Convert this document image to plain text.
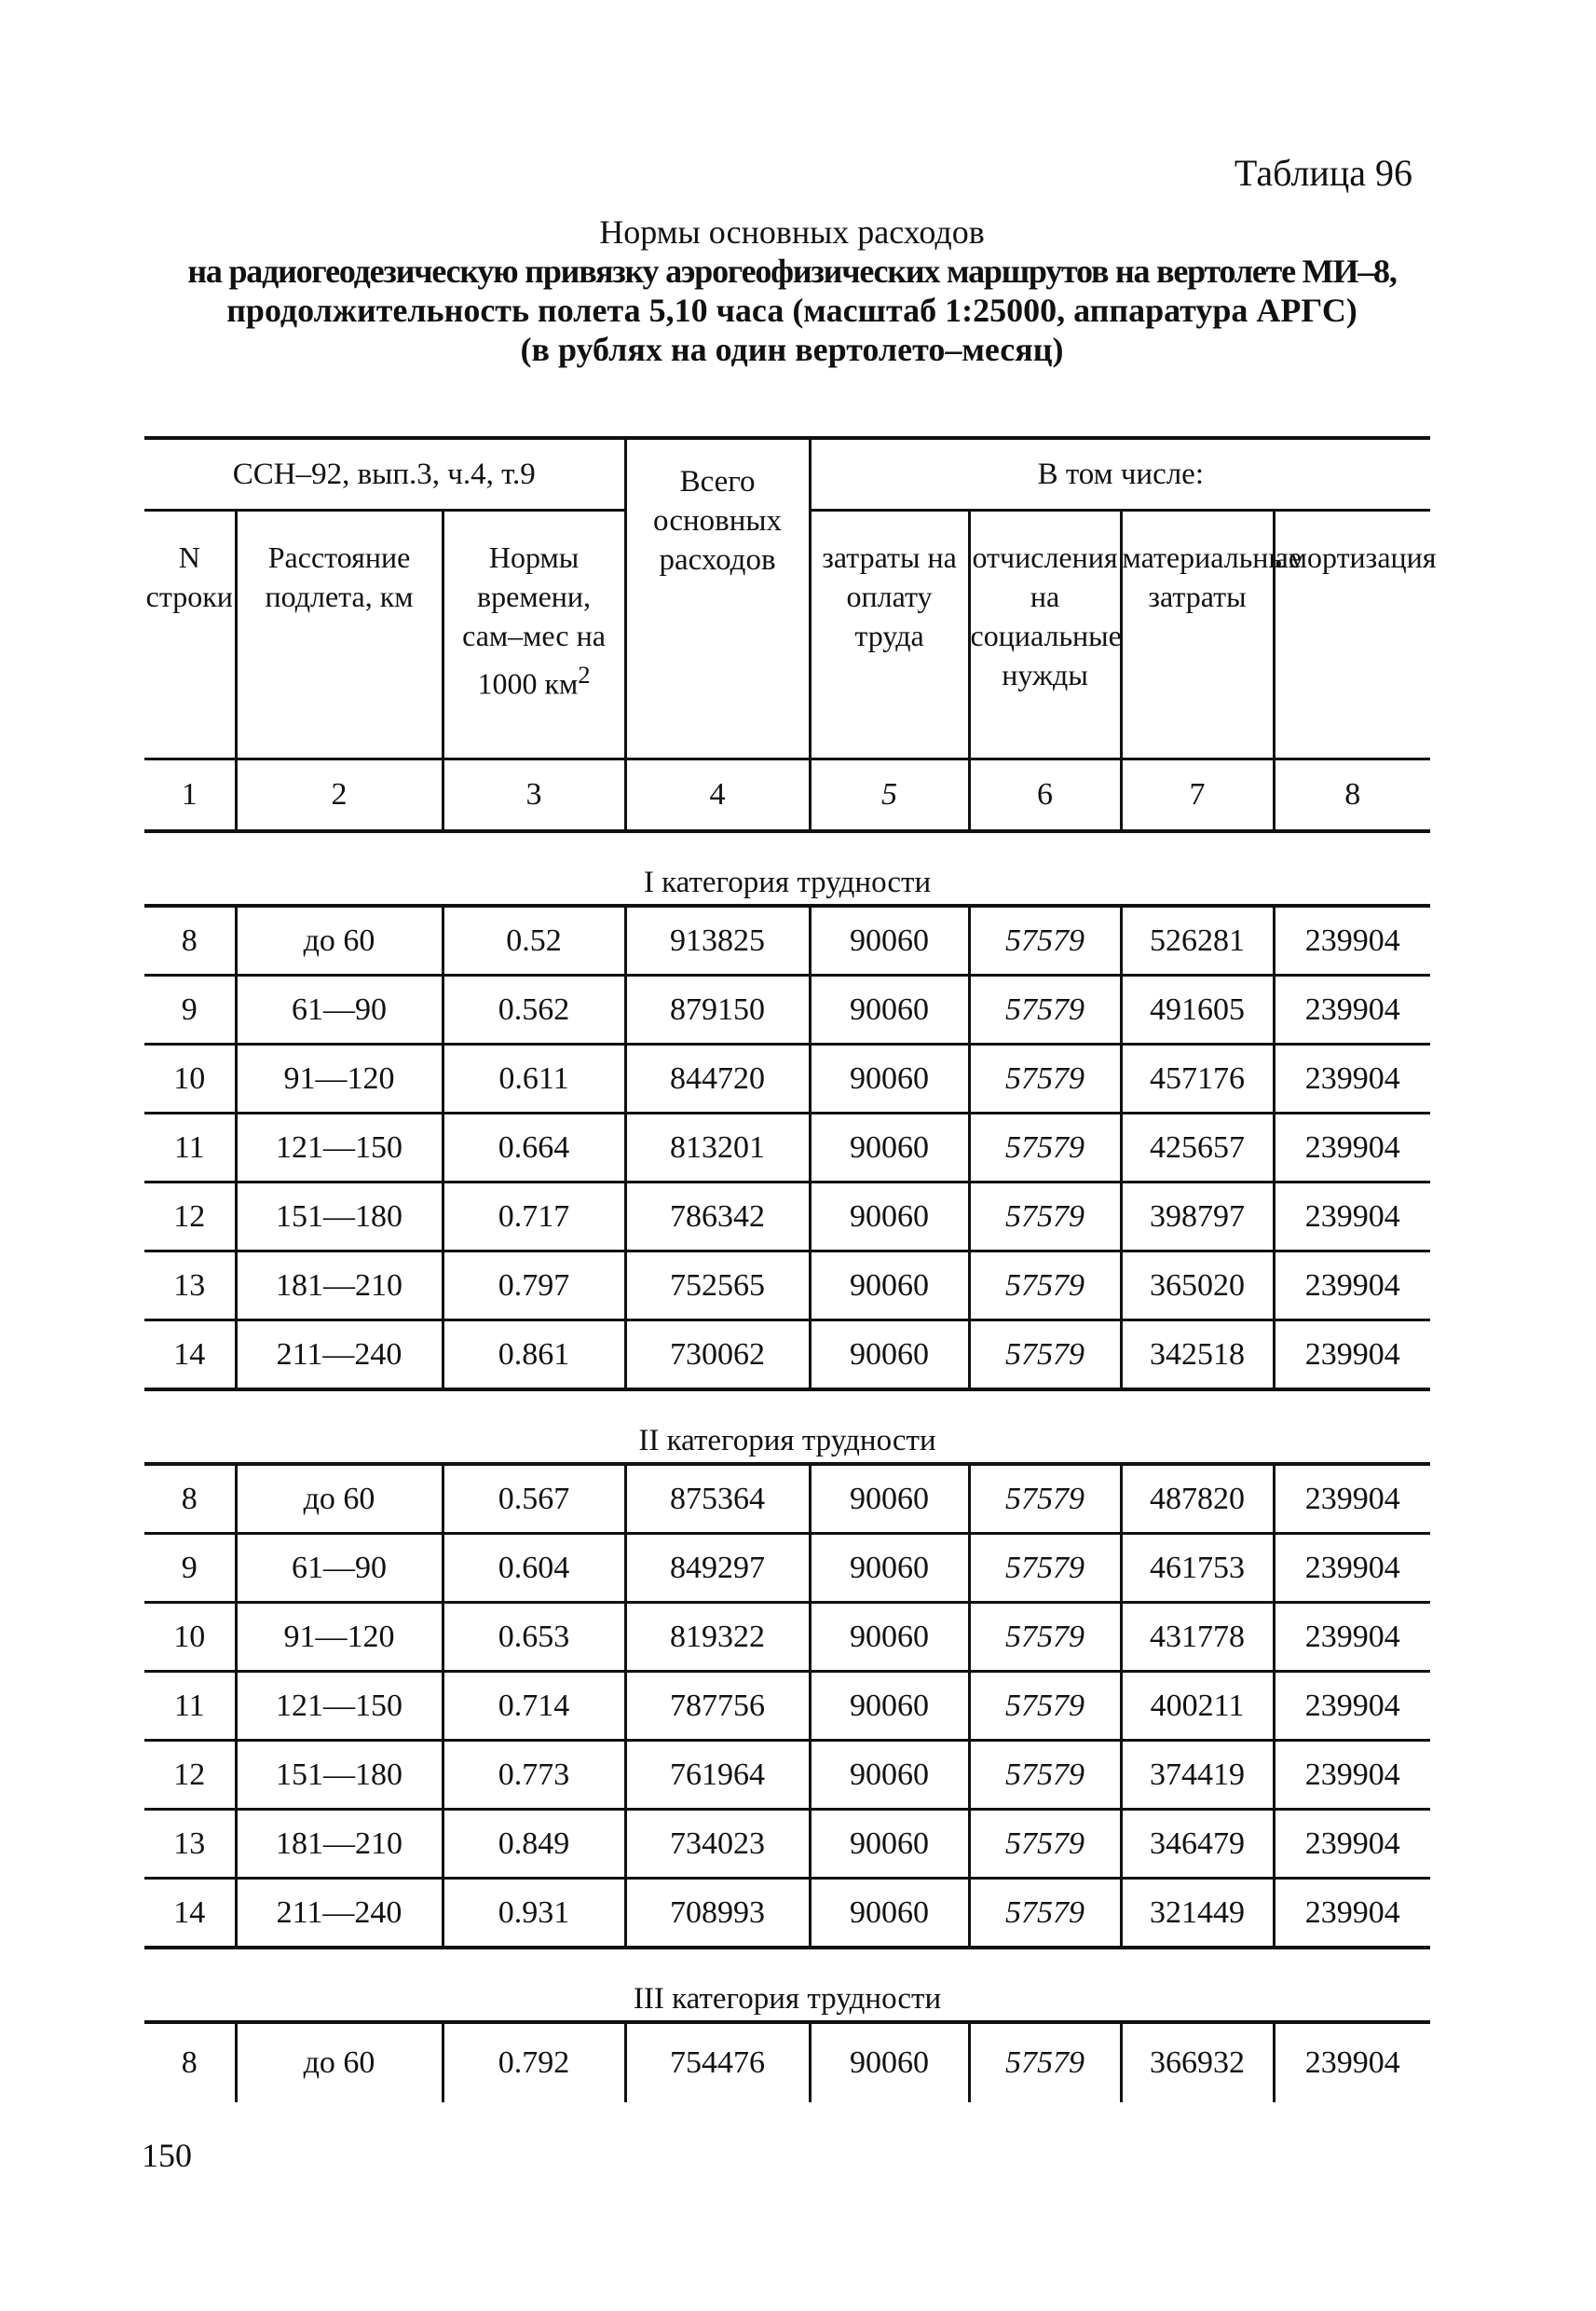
Таблица 96
Нормы основных расходов
на радиогеодезическую привязку аэрогеофизических маршрутов на вертолете МИ–8,
продолжительность полета 5,10 часа (масштаб 1:25000, аппаратура АРГС)
(в рублях на один вертолето–месяц)
ССН–92, вып.3, ч.4, т.9			Всего основных расходов	В том числе:			
N строки	Расстояние подлета, км	Нормы времени, сам–мес на 1000 $км^2$		затраты на оплату труда	отчисления на социальные нужды	материальные затраты	амортизация
1	2	3	4	5	6	7	8
I категория трудности							
8	до 60	0.52	913825	90060	57579	526281	239904
9	61—90	0.562	879150	90060	57579	491605	239904
10	91—120	0.611	844720	90060	57579	457176	239904
11	121—150	0.664	813201	90060	57579	425657	239904
12	151—180	0.717	786342	90060	57579	398797	239904
13	181—210	0.797	752565	90060	57579	365020	239904
14	211—240	0.861	730062	90060	57579	342518	239904
II категория трудности							
8	до 60	0.567	875364	90060	57579	487820	239904
9	61—90	0.604	849297	90060	57579	461753	239904
10	91—120	0.653	819322	90060	57579	431778	239904
11	121—150	0.714	787756	90060	57579	400211	239904
12	151—180	0.773	761964	90060	57579	374419	239904
13	181—210	0.849	734023	90060	57579	346479	239904
14	211—240	0.931	708993	90060	57579	321449	239904
III категория трудности							
8	до 60	0.792	754476	90060	57579	366932	239904
150
